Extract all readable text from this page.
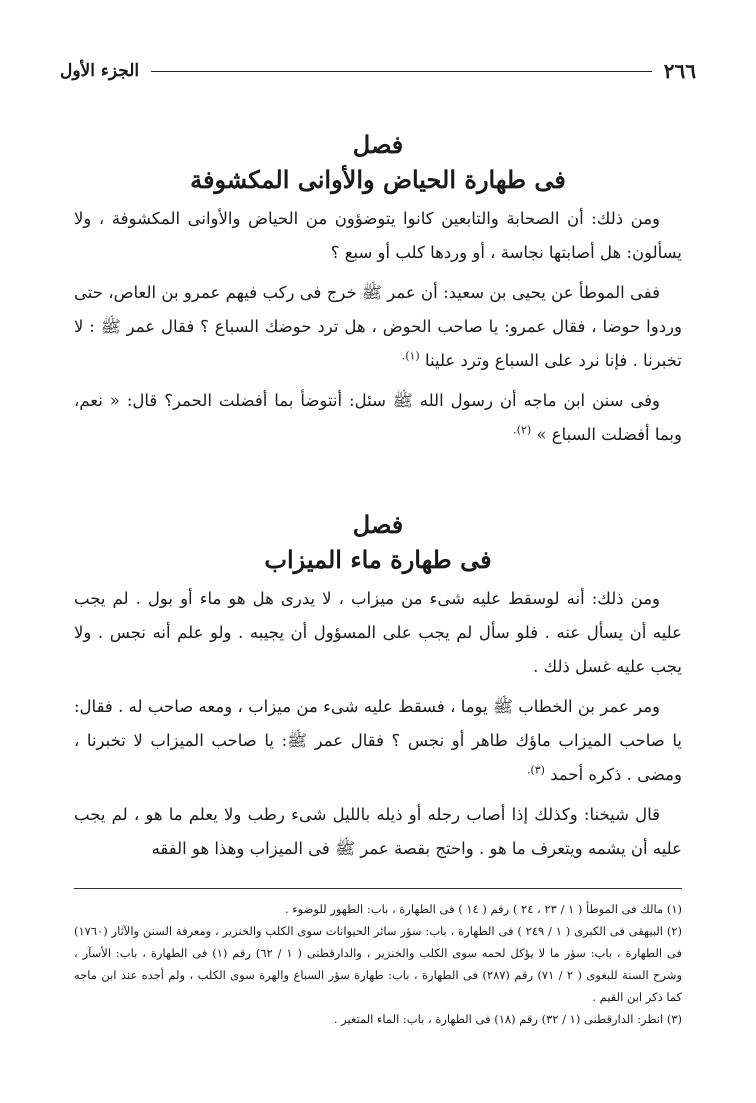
٢٦٦
الجزء الأول
فصل
فى طهارة الحياض والأوانى المكشوفة

ومن ذلك: أن الصحابة والتابعين كانوا يتوضؤون من الحياض والأوانى المكشوفة ، ولا يسألون: هل أصابتها نجاسة ، أو وردها كلب أو سبع ؟

ففى الموطأ عن يحيى بن سعيد: أن عمر ﷺ خرج فى ركب فيهم عمرو بن العاص، حتى وردوا حوضا ، فقال عمرو: يا صاحب الحوض ، هل ترد حوضك السباع ؟ فقال عمر ﷺ : لا تخبرنا . فإنا نرد على السباع وترد علينا $^{(١).}$

وفى سنن ابن ماجه أن رسول الله ﷺ سئل: أنتوضأ بما أفضلت الحمر؟ قال: « نعم، وبما أفضلت السباع » $^{(٢).}$

فصل
فى طهارة ماء الميزاب

ومن ذلك: أنه لوسقط عليه شىء من ميزاب ، لا يدرى هل هو ماء أو بول . لم يجب عليه أن يسأل عنه . فلو سأل لم يجب على المسؤول أن يجيبه . ولو علم أنه نجس . ولا يجب عليه غسل ذلك .

ومر عمر بن الخطاب ﷺ يوما ، فسقط عليه شىء من ميزاب ، ومعه صاحب له . فقال: يا صاحب الميزاب ماؤك طاهر أو نجس ؟ فقال عمر ﷺ: يا صاحب الميزاب لا تخبرنا ، ومضى . ذكره أحمد $^{(٣).}$

قال شيخنا: وكذلك إذا أصاب رجله أو ذيله بالليل شىء رطب ولا يعلم ما هو ، لم يجب عليه أن يشمه ويتعرف ما هو . واحتج بقصة عمر ﷺ فى الميزاب وهذا هو الفقه

(١) مالك فى الموطأ ( ١ / ٢٣ ، ٢٤ ) رقم ( ١٤ ) فى الطهارة ، باب: الطهور للوضوء .

(٢) البيهقى فى الكبرى ( ١ / ٢٤٩ ) فى الطهارة ، باب: سؤر سائر الحيوانات سوى الكلب والخنزير ، ومعرفة السنن والآثار (١٧٦٠) فى الطهارة ، باب: سؤر ما لا يؤكل لحمه سوى الكلب والخنزير ، والدارقطنى ( ١ / ٦٢) رقم (١) فى الطهارة ، باب: الأسآر ، وشرح السنة للبغوى ( ٢ / ٧١) رقم (٢٨٧) فى الطهارة ، باب: طهارة سؤر السباع والهرة سوى الكلب ، ولم أجده عند ابن ماجه كما ذكر ابن القيم .

(٣) انظر: الدارقطنى (١ / ٣٢) رقم (١٨) فى الطهارة ، باب: الماء المتغير .
